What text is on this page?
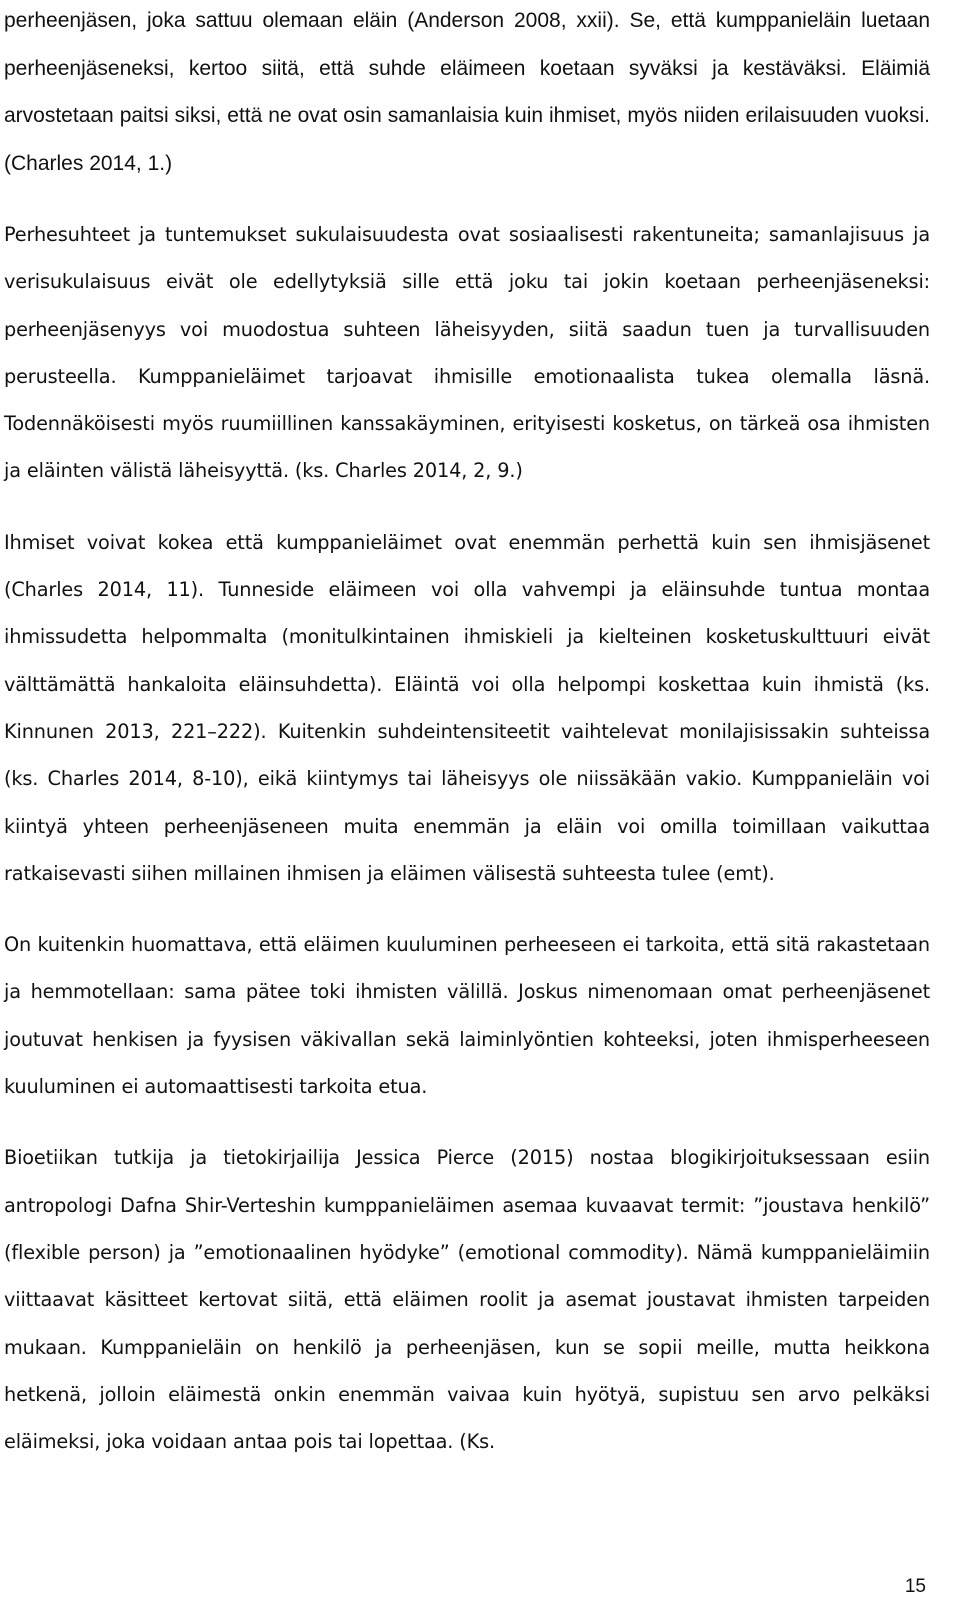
perheenjäsen, joka sattuu olemaan eläin (Anderson 2008, xxii). Se, että kumppanieläin luetaan perheenjäseneksi, kertoo siitä, että suhde eläimeen koetaan syväksi ja kestäväksi. Eläimiä arvostetaan paitsi siksi, että ne ovat osin samanlaisia kuin ihmiset, myös niiden erilaisuuden vuoksi. (Charles 2014, 1.)

Perhesuhteet ja tuntemukset sukulaisuudesta ovat sosiaalisesti rakentuneita; samanlajisuus ja verisukulaisuus eivät ole edellytyksiä sille että joku tai jokin koetaan perheenjäseneksi: perheenjäsenyys voi muodostua suhteen läheisyyden, siitä saadun tuen ja turvallisuuden perusteella. Kumppanieläimet tarjoavat ihmisille emotionaalista tukea olemalla läsnä. Todennäköisesti myös ruumiillinen kanssakäyminen, erityisesti kosketus, on tärkeä osa ihmisten ja eläinten välistä läheisyyttä. (ks. Charles 2014, 2, 9.)

Ihmiset voivat kokea että kumppanieläimet ovat enemmän perhettä kuin sen ihmisjäsenet (Charles 2014, 11). Tunneside eläimeen voi olla vahvempi ja eläinsuhde tuntua montaa ihmissudetta helpommalta (monitulkintainen ihmiskieli ja kielteinen kosketuskulttuuri eivät välttämättä hankaloita eläinsuhdetta). Eläintä voi olla helpompi koskettaa kuin ihmistä (ks. Kinnunen 2013, 221–222). Kuitenkin suhdeintensiteetit vaihtelevat monilajisissakin suhteissa (ks. Charles 2014, 8-10), eikä kiintymys tai läheisyys ole niissäkään vakio. Kumppanieläin voi kiintyä yhteen perheenjäseneen muita enemmän ja eläin voi omilla toimillaan vaikuttaa ratkaisevasti siihen millainen ihmisen ja eläimen välisestä suhteesta tulee (emt).

On kuitenkin huomattava, että eläimen kuuluminen perheeseen ei tarkoita, että sitä rakastetaan ja hemmotellaan: sama pätee toki ihmisten välillä. Joskus nimenomaan omat perheenjäsenet joutuvat henkisen ja fyysisen väkivallan sekä laiminlyöntien kohteeksi, joten ihmisperheeseen kuuluminen ei automaattisesti tarkoita etua.

Bioetiikan tutkija ja tietokirjailija Jessica Pierce (2015) nostaa blogikirjoituksessaan esiin antropologi Dafna Shir-Verteshin kumppanieläimen asemaa kuvaavat termit: ”joustava henkilö” (flexible person) ja ”emotionaalinen hyödyke” (emotional commodity). Nämä kumppanieläimiin viittaavat käsitteet kertovat siitä, että eläimen roolit ja asemat joustavat ihmisten tarpeiden mukaan. Kumppanieläin on henkilö ja perheenjäsen, kun se sopii meille, mutta heikkona hetkenä, jolloin eläimestä onkin enemmän vaivaa kuin hyötyä, supistuu sen arvo pelkäksi eläimeksi, joka voidaan antaa pois tai lopettaa. (Ks.

15
